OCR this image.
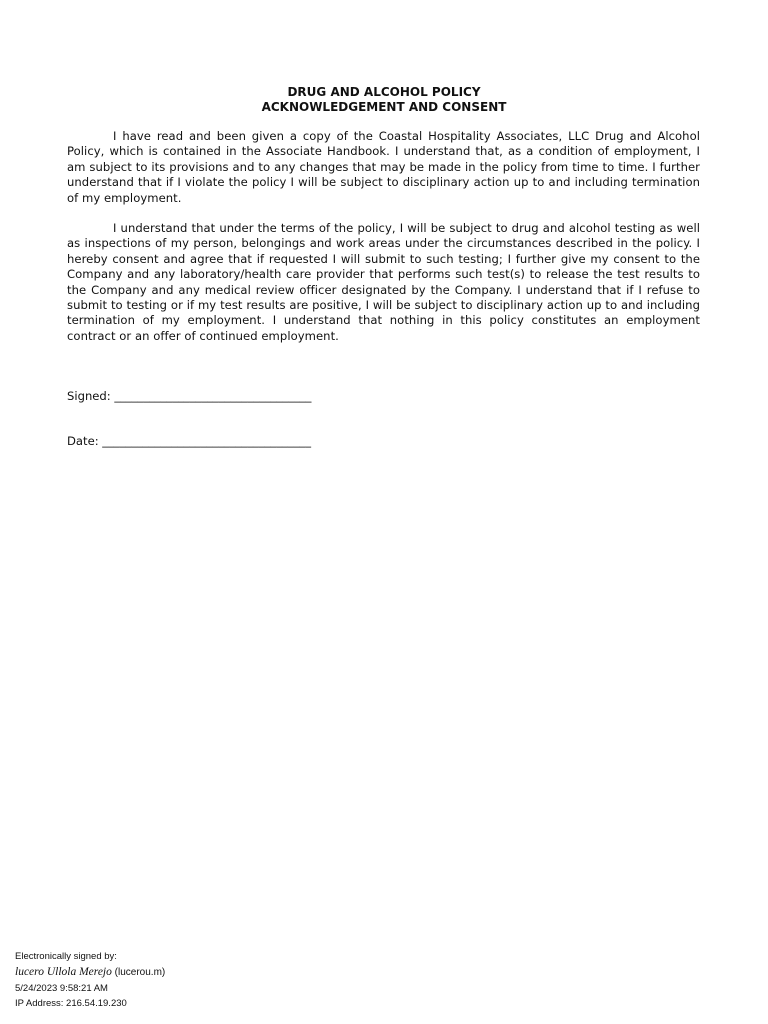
DRUG AND ALCOHOL POLICY
ACKNOWLEDGEMENT AND CONSENT
I have read and been given a copy of the Coastal Hospitality Associates, LLC Drug and Alcohol Policy, which is contained in the Associate Handbook. I understand that, as a condition of employment, I am subject to its provisions and to any changes that may be made in the policy from time to time. I further understand that if I violate the policy I will be subject to disciplinary action up to and including termination of my employment.
I understand that under the terms of the policy, I will be subject to drug and alcohol testing as well as inspections of my person, belongings and work areas under the circumstances described in the policy. I hereby consent and agree that if requested I will submit to such testing; I further give my consent to the Company and any laboratory/health care provider that performs such test(s) to release the test results to the Company and any medical review officer designated by the Company. I understand that if I refuse to submit to testing or if my test results are positive, I will be subject to disciplinary action up to and including termination of my employment. I understand that nothing in this policy constitutes an employment contract or an offer of continued employment.
Signed: __________________________________
Date: ____________________________________
Electronically signed by:
lucero Ullola Merejo (lucerou.m)
5/24/2023 9:58:21 AM
IP Address: 216.54.19.230
